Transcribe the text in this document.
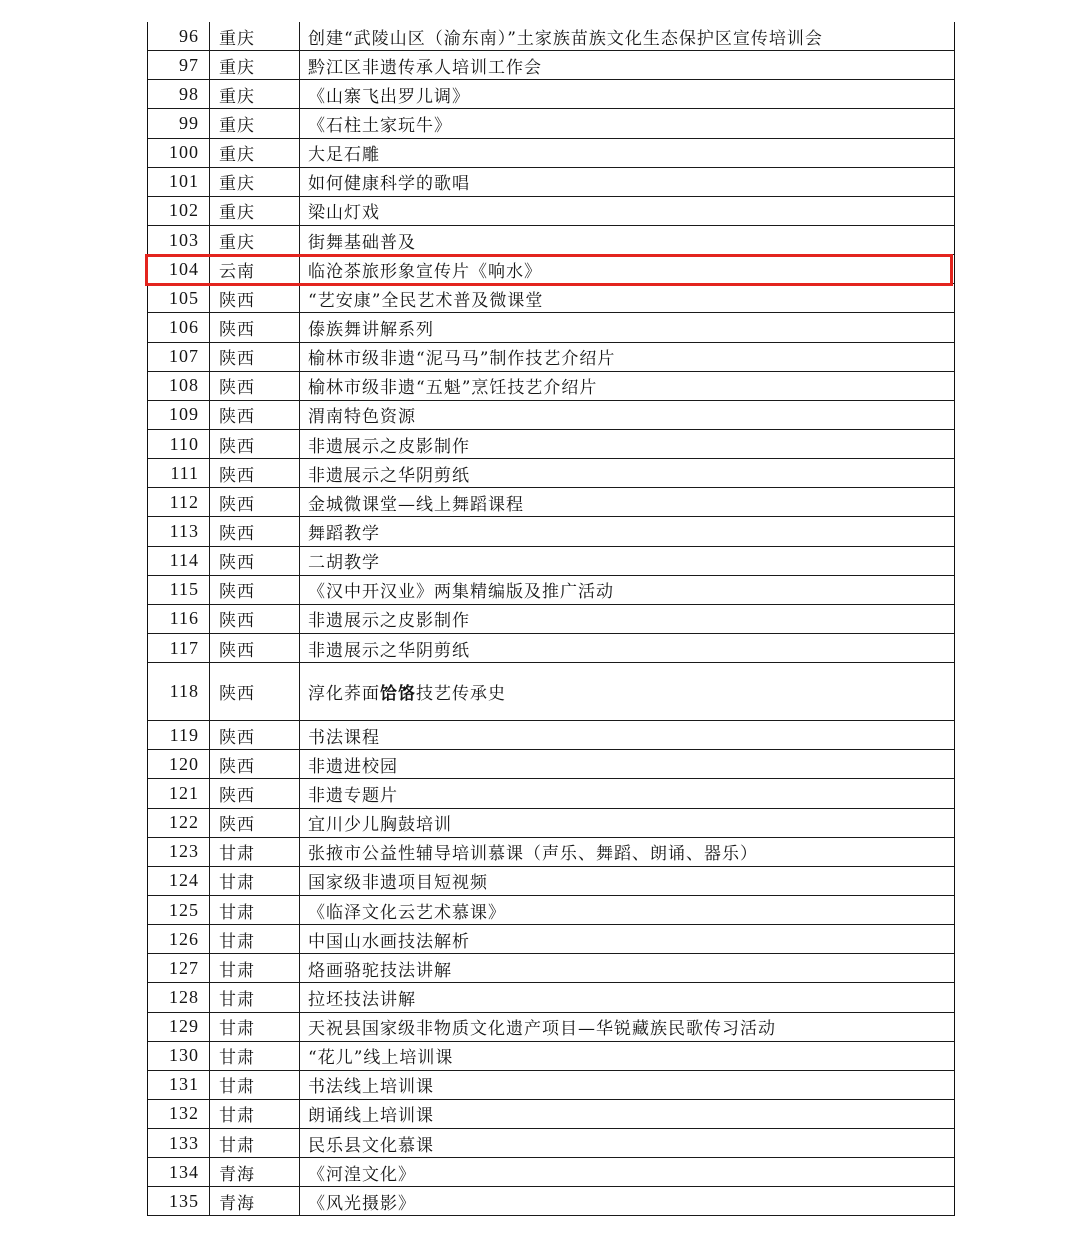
96	重庆	创建“武陵山区（渝东南）”土家族苗族文化生态保护区宣传培训会
97	重庆	黔江区非遗传承人培训工作会
98	重庆	《山寨飞出罗儿调》
99	重庆	《石柱土家玩牛》
100	重庆	大足石雕
101	重庆	如何健康科学的歌唱
102	重庆	梁山灯戏
103	重庆	街舞基础普及
104	云南	临沧茶旅形象宣传片《响水》
105	陕西	“艺安康”全民艺术普及微课堂
106	陕西	傣族舞讲解系列
107	陕西	榆林市级非遗“泥马马”制作技艺介绍片
108	陕西	榆林市级非遗“五魁”烹饪技艺介绍片
109	陕西	渭南特色资源
110	陕西	非遗展示之皮影制作
111	陕西	非遗展示之华阴剪纸
112	陕西	金城微课堂—线上舞蹈课程
113	陕西	舞蹈教学
114	陕西	二胡教学
115	陕西	《汉中开汉业》两集精编版及推广活动
116	陕西	非遗展示之皮影制作
117	陕西	非遗展示之华阴剪纸
118	陕西	淳化荞面 饸饹 技艺传承史
119	陕西	书法课程
120	陕西	非遗进校园
121	陕西	非遗专题片
122	陕西	宜川少儿胸鼓培训
123	甘肃	张掖市公益性辅导培训慕课（声乐、舞蹈、朗诵、器乐）
124	甘肃	国家级非遗项目短视频
125	甘肃	《临泽文化云艺术慕课》
126	甘肃	中国山水画技法解析
127	甘肃	烙画骆驼技法讲解
128	甘肃	拉坯技法讲解
129	甘肃	天祝县国家级非物质文化遗产项目—华锐藏族民歌传习活动
130	甘肃	“花儿”线上培训课
131	甘肃	书法线上培训课
132	甘肃	朗诵线上培训课
133	甘肃	民乐县文化慕课
134	青海	《河湟文化》
135	青海	《风光摄影》
